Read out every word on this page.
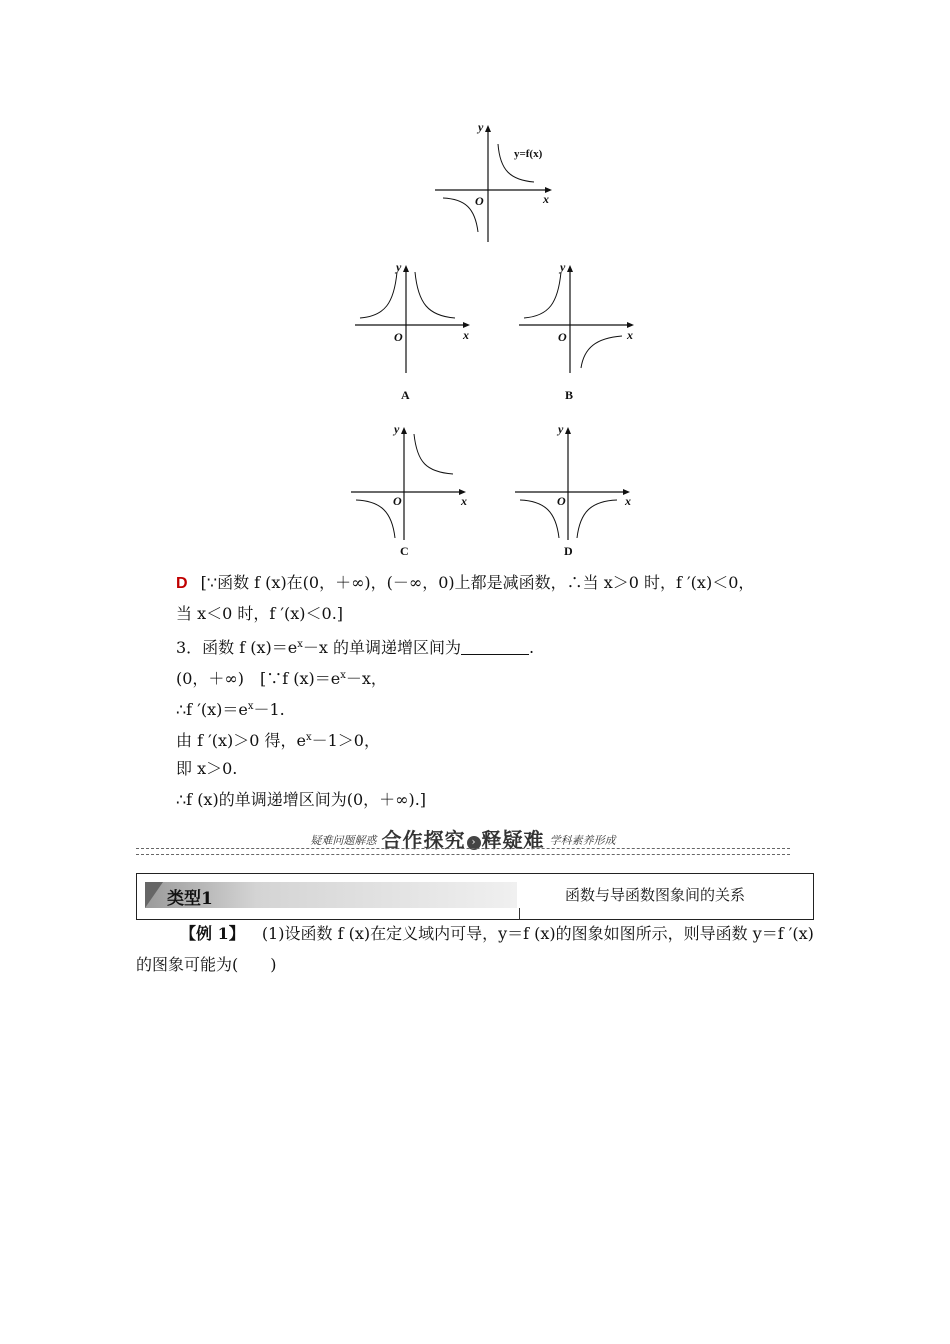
y
x
O
y=f(x)
y
x
O
A
y
x
O
B
y
x
O
C
y
x
O
D
D [∵函数 f (x)在(0，＋∞)，(－∞，0)上都是减函数，∴当 x＞0 时，f ′(x)＜0，
当 x＜0 时，f ′(x)＜0.]
3．函数 f $(x)=e^x-x$ 的单调递增区间为	.
(0，＋∞)　[∵f $(x)=e^x-x$，
∴f $'(x)=e^x-1$.
由 f ′(x)＞0 得，$e^x-1>0$，
即 x＞0.
∴f (x)的单调递增区间为(0，＋∞).]
疑难问题解惑 合作探究 › 释疑难 学科素养形成
类型1	函数与导函数图象间的关系
【例 1】 (1)设函数 f (x)在定义域内可导，y＝f (x)的图象如图所示，则导函数 y＝f ′(x)
的图象可能为(　　)
